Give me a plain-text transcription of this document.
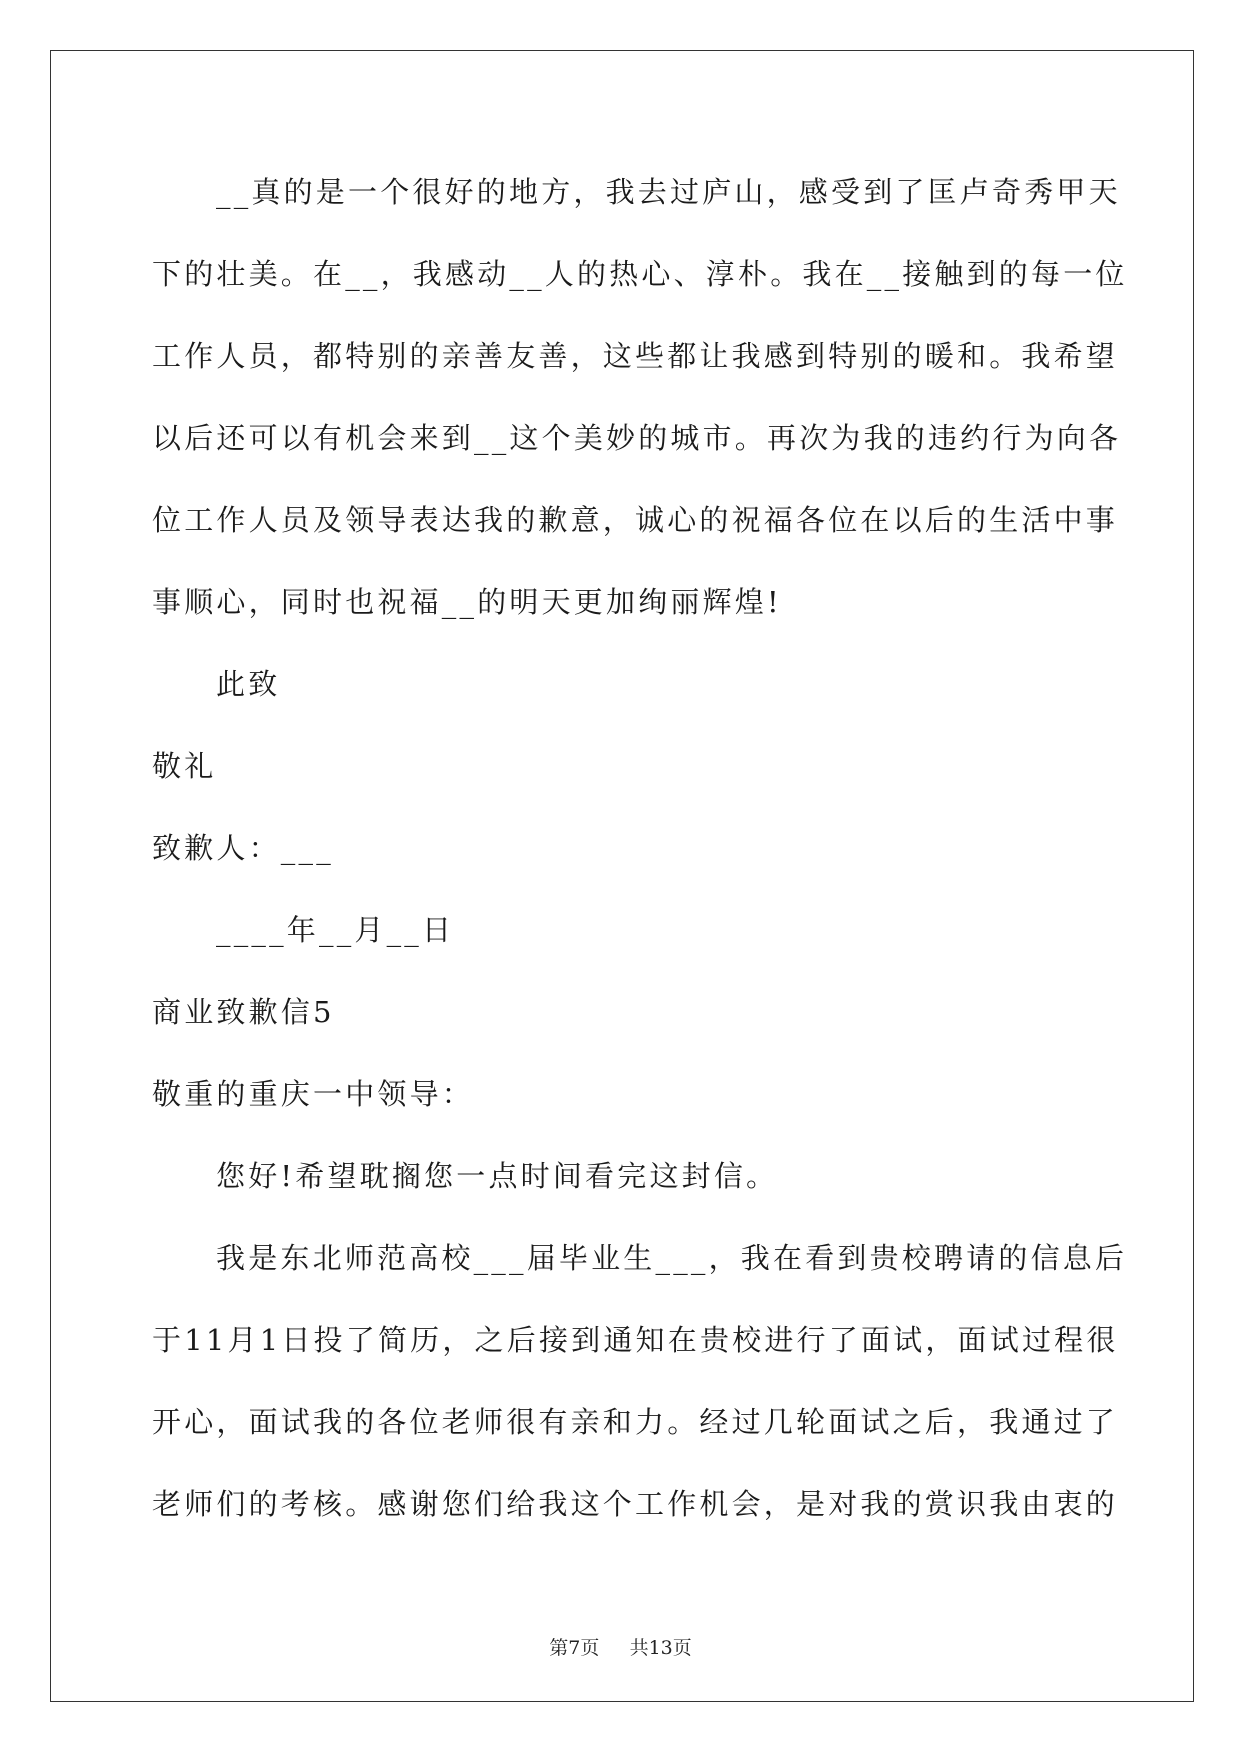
__真的是一个很好的地方，我去过庐山，感受到了匡卢奇秀甲天
下的壮美。在__，我感动__人的热心、淳朴。我在__接触到的每一位
工作人员，都特别的亲善友善，这些都让我感到特别的暖和。我希望
以后还可以有机会来到__这个美妙的城市。再次为我的违约行为向各
位工作人员及领导表达我的歉意，诚心的祝福各位在以后的生活中事
事顺心，同时也祝福__的明天更加绚丽辉煌!
此致
敬礼
致歉人：___
____年__月__日
商业致歉信5
敬重的重庆一中领导：
您好!希望耽搁您一点时间看完这封信。
我是东北师范高校___届毕业生___，我在看到贵校聘请的信息后
于11月1日投了简历，之后接到通知在贵校进行了面试，面试过程很
开心，面试我的各位老师很有亲和力。经过几轮面试之后，我通过了
老师们的考核。感谢您们给我这个工作机会，是对我的赏识我由衷的
第7页 共13页
